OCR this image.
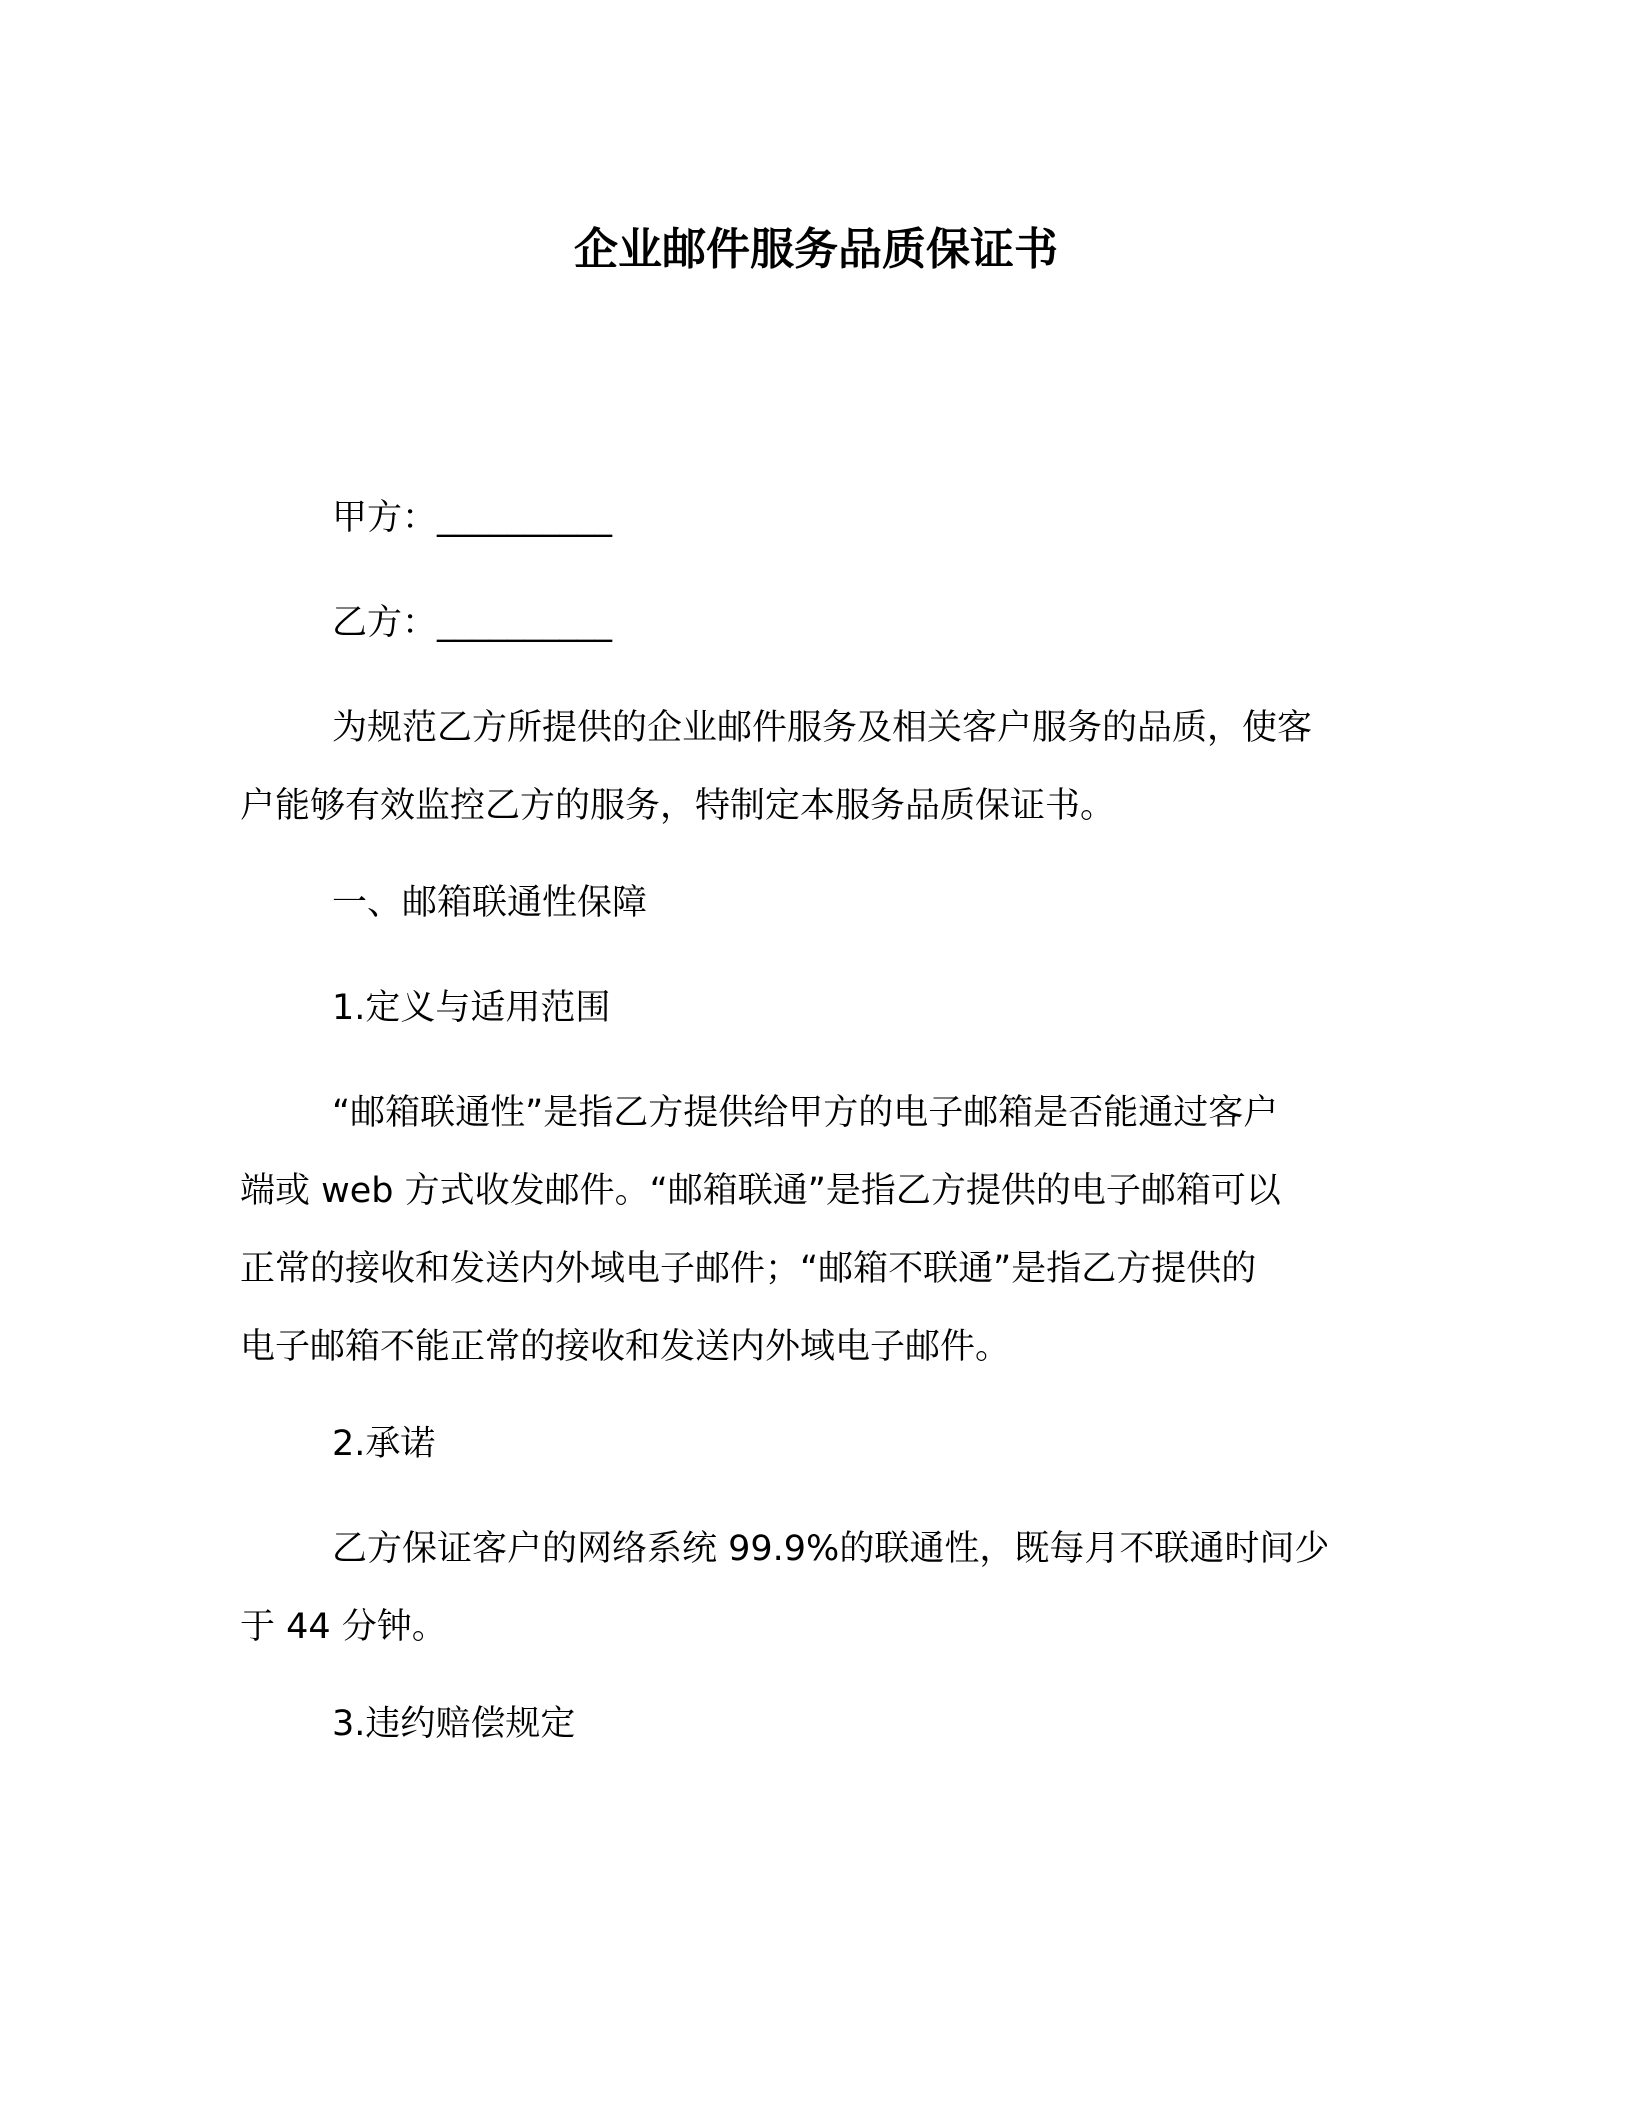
企业邮件服务品质保证书
甲方：__________
乙方：__________
为规范乙方所提供的企业邮件服务及相关客户服务的品质，使客
户能够有效监控乙方的服务，特制定本服务品质保证书。
一、邮箱联通性保障
1.定义与适用范围
“邮箱联通性”是指乙方提供给甲方的电子邮箱是否能通过客户
端或 web 方式收发邮件。“邮箱联通”是指乙方提供的电子邮箱可以
正常的接收和发送内外域电子邮件；“邮箱不联通”是指乙方提供的
电子邮箱不能正常的接收和发送内外域电子邮件。
2.承诺
乙方保证客户的网络系统 99.9%的联通性，既每月不联通时间少
于 44 分钟。
3.违约赔偿规定
